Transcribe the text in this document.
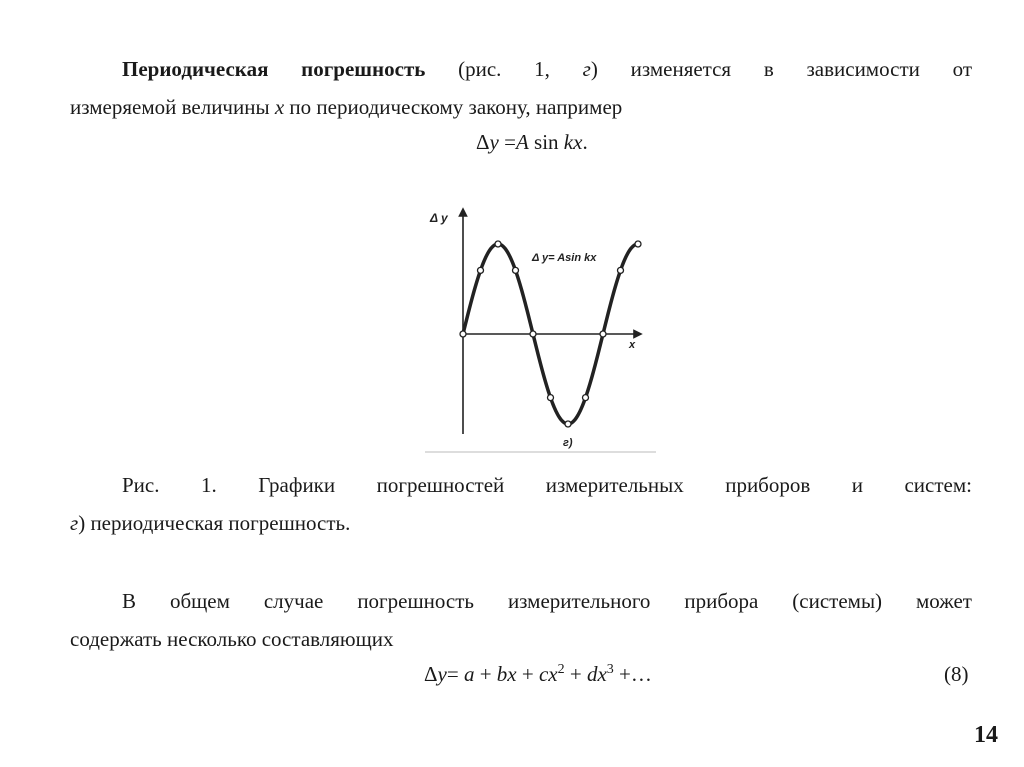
Периодическая погрешность (рис. 1, г) изменяется в зависимости от
измеряемой величины x по периодическому закону, например

Δy =A sin kx.
Δ y
x
Δ y= Asin kx
г)

Рис. 1. Графики погрешностей измерительных приборов и систем:
г) периодическая погрешность.

В общем случае погрешность измерительного прибора (системы) может
содержать несколько составляющих

Δy= a + bx + $cx^2 + dx^3$ +…	(8)
14
